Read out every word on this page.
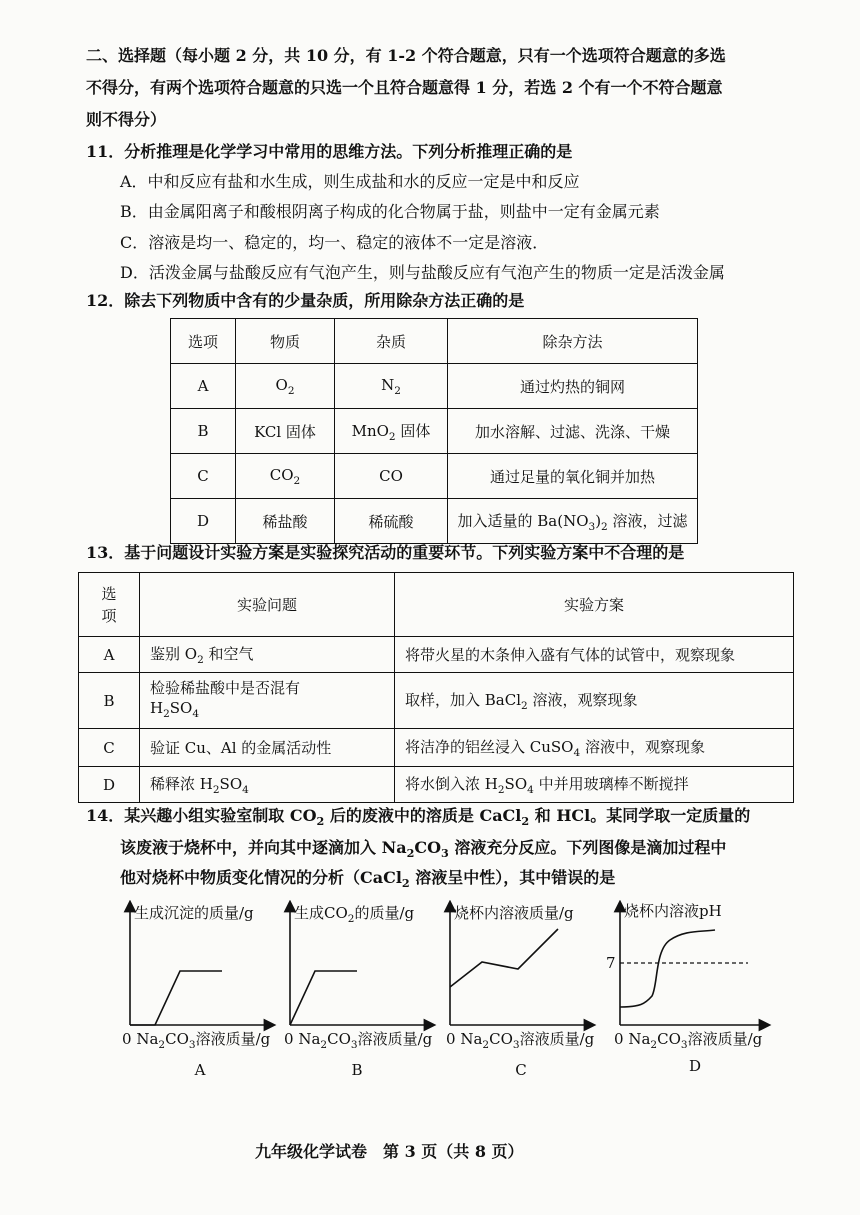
二、选择题（每小题 2 分，共 10 分，有 1-2 个符合题意，只有一个选项符合题意的多选
不得分，有两个选项符合题意的只选一个且符合题意得 1 分，若选 2 个有一个不符合题意
则不得分）
11．分析推理是化学学习中常用的思维方法。下列分析推理正确的是
A．中和反应有盐和水生成，则生成盐和水的反应一定是中和反应
B．由金属阳离子和酸根阴离子构成的化合物属于盐，则盐中一定有金属元素
C．溶液是均一、稳定的，均一、稳定的液体不一定是溶液．
D．活泼金属与盐酸反应有气泡产生，则与盐酸反应有气泡产生的物质一定是活泼金属
12．除去下列物质中含有的少量杂质，所用除杂方法正确的是
选项	物质	杂质	除杂方法
A	$O_2$	$N_2$	通过灼热的铜网
B	KCl 固体	MnO$_2$ 固体	加水溶解、过滤、洗涤、干燥
C	$CO_2$	CO	通过足量的氧化铜并加热
D	稀盐酸	稀硫酸	加入适量的 $Ba(NO_3)_2$ 溶液，过滤
13．基于问题设计实验方案是实验探究活动的重要环节。下列实验方案中不合理的是
选
项	实验问题	实验方案
A	鉴别 $O_2$ 和空气	将带火星的木条伸入盛有气体的试管中，观察现象
B	检验稀盐酸中是否混有
$H_2SO_4$	取样，加入 BaCl$_2$ 溶液，观察现象
C	验证 Cu、Al 的金属活动性	将洁净的铝丝浸入 CuSO$_4$ 溶液中，观察现象
D	稀释浓 $H_2SO_4$	将水倒入浓 $H_2SO_4$ 中并用玻璃棒不断搅拌
14．某兴趣小组实验室制取 $CO_2$ 后的废液中的溶质是 CaCl$_2$ 和 HCl。某同学取一定质量的
该废液于烧杯中，并向其中逐滴加入 $Na_2CO_3$ 溶液充分反应。下列图像是滴加过程中
他对烧杯中物质变化情况的分析（CaCl$_2$ 溶液呈中性），其中错误的是
生成沉淀的质量/g	生成$CO_2$的质量/g	烧杯内溶液质量/g	烧杯内溶液pH
7
0 $Na_2CO_3$溶液质量/g 0 $Na_2CO_3$溶液质量/g 0 $Na_2CO_3$溶液质量/g 0 $Na_2CO_3$溶液质量/g
A	B	C	D
九年级化学试卷　第 3 页（共 8 页）
